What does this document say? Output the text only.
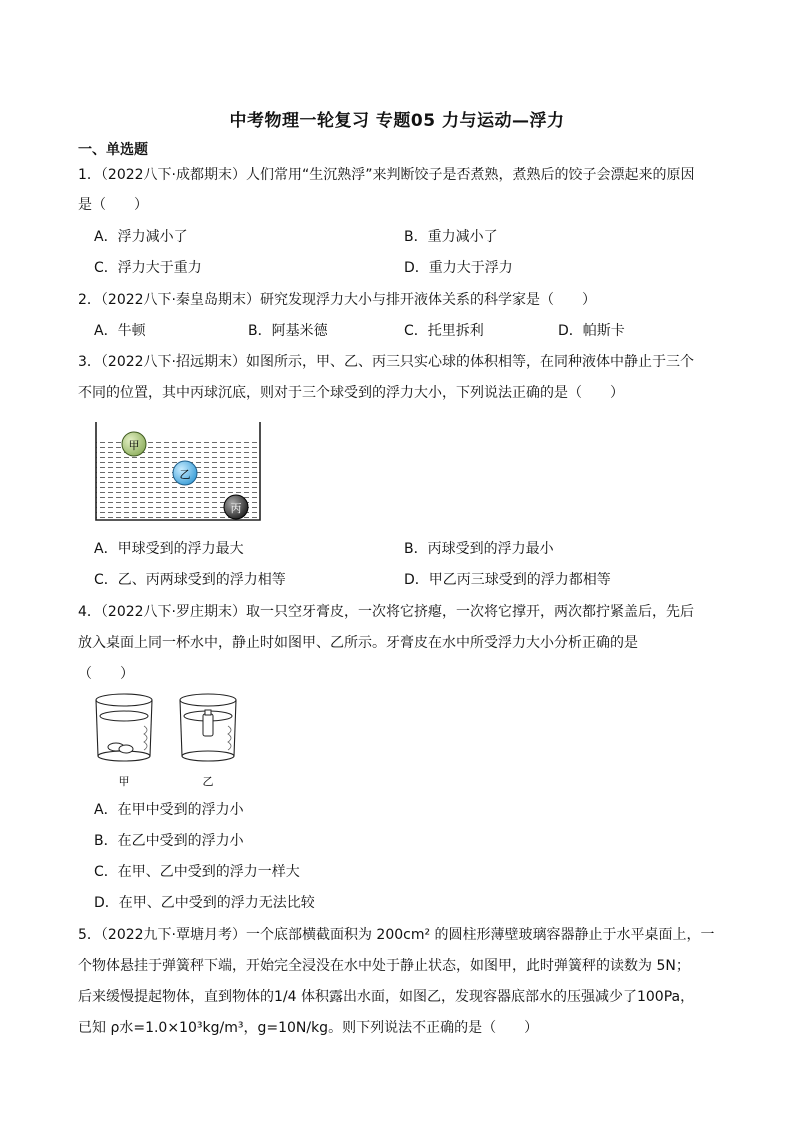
中考物理一轮复习 专题05 力与运动—浮力
一、单选题
1．（2022八下·成都期末）人们常用“生沉熟浮”来判断饺子是否煮熟，煮熟后的饺子会漂起来的原因
是（　　）
A．浮力减小了	B．重力减小了
C．浮力大于重力	D．重力大于浮力
2．（2022八下·秦皇岛期末）研究发现浮力大小与排开液体关系的科学家是（　　）
A．牛顿	B．阿基米德	C．托里拆利	D．帕斯卡
3．（2022八下·招远期末）如图所示，甲、乙、丙三只实心球的体积相等，在同种液体中静止于三个
不同的位置，其中丙球沉底，则对于三个球受到的浮力大小，下列说法正确的是（　　）
甲
乙
丙
A．甲球受到的浮力最大	B．丙球受到的浮力最小
C．乙、丙两球受到的浮力相等	D．甲乙丙三球受到的浮力都相等
4．（2022八下·罗庄期末）取一只空牙膏皮，一次将它挤瘪，一次将它撑开，两次都拧紧盖后，先后
放入桌面上同一杯水中，静止时如图甲、乙所示。牙膏皮在水中所受浮力大小分析正确的是
（　　）
甲	乙
A．在甲中受到的浮力小
B．在乙中受到的浮力小
C．在甲、乙中受到的浮力一样大
D．在甲、乙中受到的浮力无法比较
5．（2022九下·覃塘月考）一个底部横截面积为 200cm² 的圆柱形薄壁玻璃容器静止于水平桌面上，一
个物体悬挂于弹簧秤下端，开始完全浸没在水中处于静止状态，如图甲，此时弹簧秤的读数为 5N；
后来缓慢提起物体，直到物体的1/4 体积露出水面，如图乙，发现容器底部水的压强减少了100Pa，
已知 ρ水=1.0×10³kg/m³，g=10N/kg。则下列说法不正确的是（　　）
